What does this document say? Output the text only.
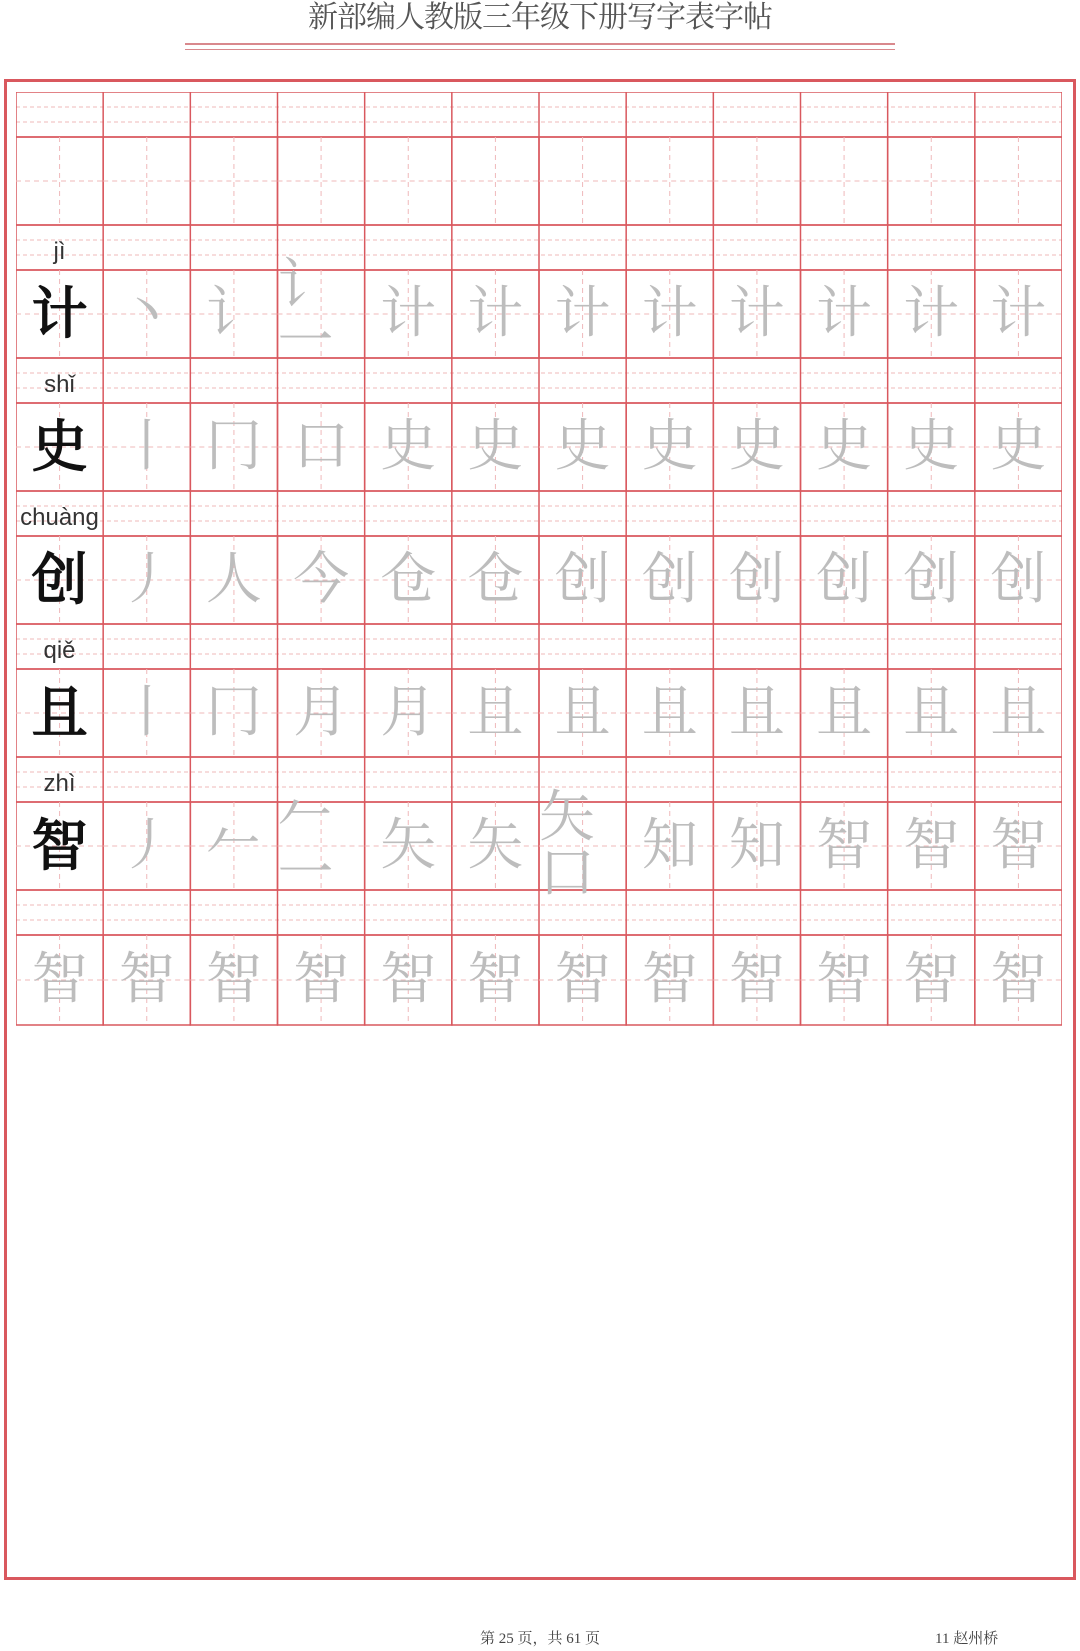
新部编人教版三年级下册写字表字帖
jì
计 丶 讠 讠一 计 计 计 计 计 计 计 计
shǐ
史 丨 冂 口 史 史 史 史 史 史 史 史
chuàng
创 丿 人 今 仓 仓 创 创 创 创 创 创
qiě
且 丨 冂 月 月 且 且 且 且 且 且 且
zhì
智 丿 𠂉 𠂉一 矢 矢 矢口 知 知 智 智 智
智 智 智 智 智 智 智 智 智 智 智 智
第 25 页，共 61 页	11 赵州桥
